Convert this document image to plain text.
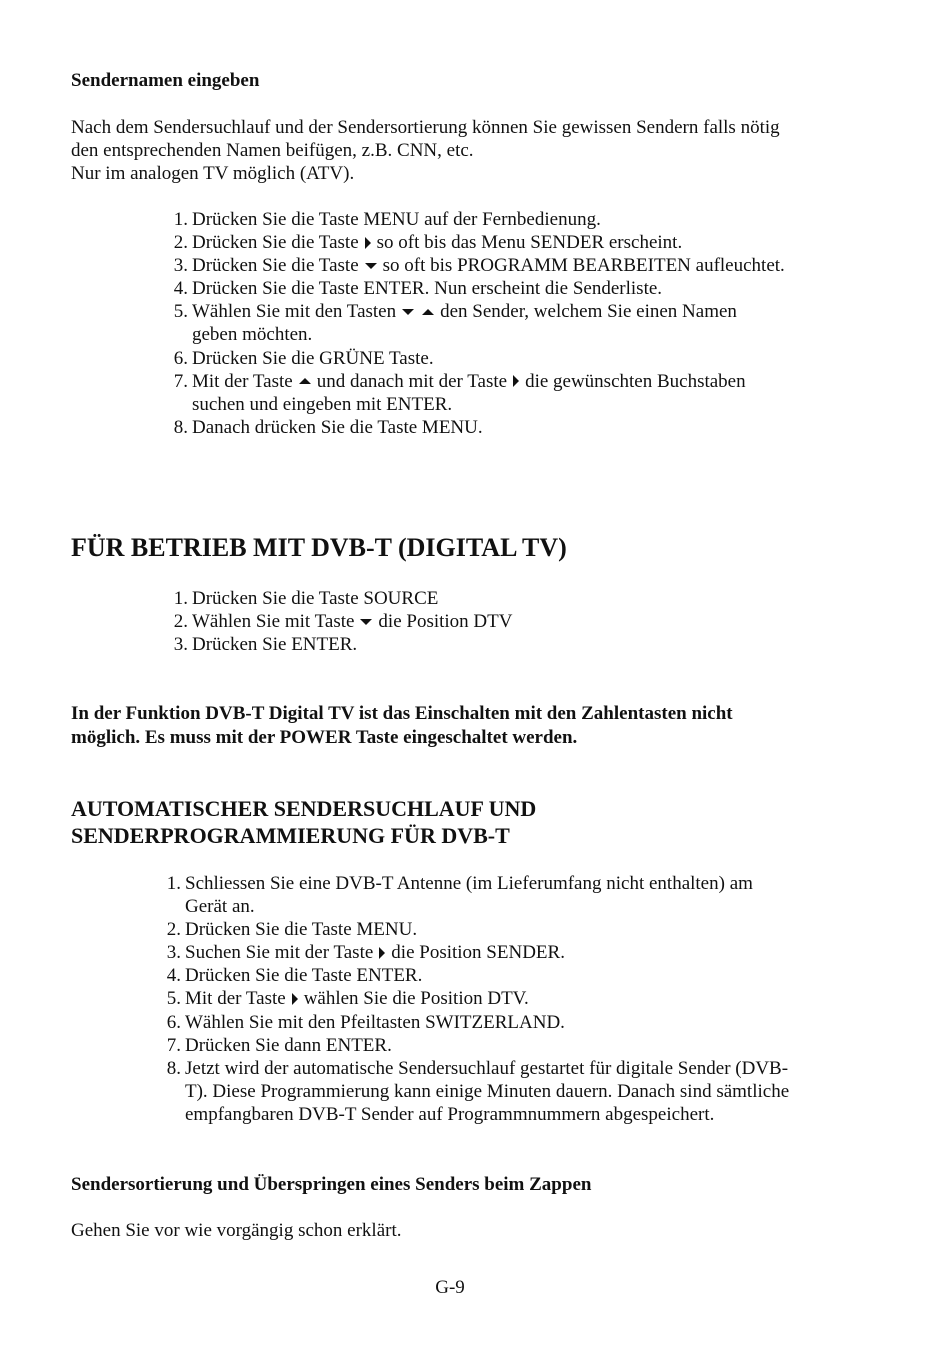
Sendernamen eingeben
Nach dem Sendersuchlauf und der Sendersortierung können Sie gewissen Sendern falls nötig
den entsprechenden Namen beifügen, z.B. CNN, etc.
Nur im analogen TV möglich (ATV).
1. Drücken Sie die Taste MENU auf der Fernbedienung.
2. Drücken Sie die Taste so oft bis das Menu SENDER erscheint.
3. Drücken Sie die Taste so oft bis PROGRAMM BEARBEITEN aufleuchtet.
4. Drücken Sie die Taste ENTER. Nun erscheint die Senderliste.
5. Wählen Sie mit den Tasten den Sender, welchem Sie einen Namen
geben möchten.
6. Drücken Sie die GRÜNE Taste.
7. Mit der Taste und danach mit der Taste die gewünschten Buchstaben
suchen und eingeben mit ENTER.
8. Danach drücken Sie die Taste MENU.
FÜR BETRIEB MIT DVB-T (DIGITAL TV)
1. Drücken Sie die Taste SOURCE
2. Wählen Sie mit Taste die Position DTV
3. Drücken Sie ENTER.
In der Funktion DVB-T Digital TV ist das Einschalten mit den Zahlentasten nicht
möglich. Es muss mit der POWER Taste eingeschaltet werden.
AUTOMATISCHER SENDERSUCHLAUF UND
SENDERPROGRAMMIERUNG FÜR DVB-T
1. Schliessen Sie eine DVB-T Antenne (im Lieferumfang nicht enthalten) am
Gerät an.
2. Drücken Sie die Taste MENU.
3. Suchen Sie mit der Taste die Position SENDER.
4. Drücken Sie die Taste ENTER.
5. Mit der Taste wählen Sie die Position DTV.
6. Wählen Sie mit den Pfeiltasten SWITZERLAND.
7. Drücken Sie dann ENTER.
8. Jetzt wird der automatische Sendersuchlauf gestartet für digitale Sender (DVB-
T). Diese Programmierung kann einige Minuten dauern. Danach sind sämtliche
empfangbaren DVB-T Sender auf Programmnummern abgespeichert.
Sendersortierung und Überspringen eines Senders beim Zappen
Gehen Sie vor wie vorgängig schon erklärt.
G-9
